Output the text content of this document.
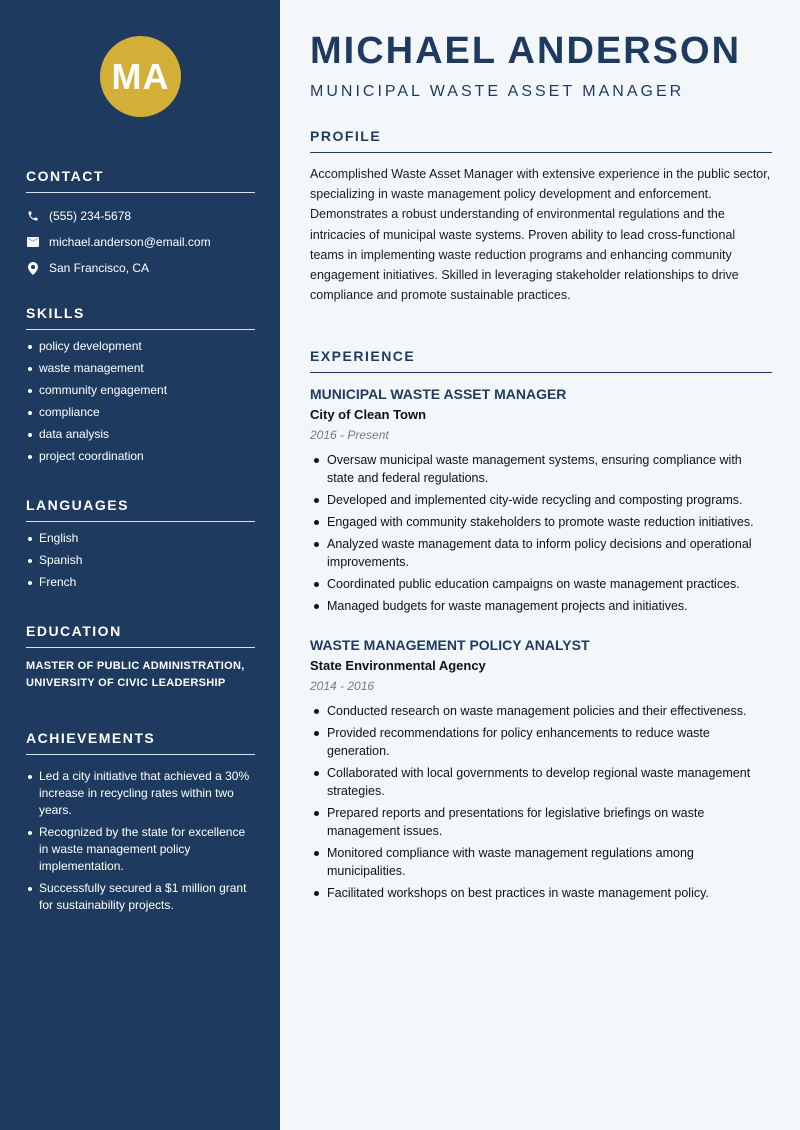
MA
CONTACT
(555) 234-5678
michael.anderson@email.com
San Francisco, CA
SKILLS
policy development
waste management
community engagement
compliance
data analysis
project coordination
LANGUAGES
English
Spanish
French
EDUCATION

MASTER OF PUBLIC ADMINISTRATION, UNIVERSITY OF CIVIC LEADERSHIP

ACHIEVEMENTS
Led a city initiative that achieved a 30% increase in recycling rates within two years.
Recognized by the state for excellence in waste management policy implementation.
Successfully secured a $1 million grant for sustainability projects.
MICHAEL ANDERSON
MUNICIPAL WASTE ASSET MANAGER
PROFILE

Accomplished Waste Asset Manager with extensive experience in the public sector, specializing in waste management policy development and enforcement. Demonstrates a robust understanding of environmental regulations and the intricacies of municipal waste systems. Proven ability to lead cross-functional teams in implementing waste reduction programs and enhancing community engagement initiatives. Skilled in leveraging stakeholder relationships to drive compliance and promote sustainable practices.

EXPERIENCE
MUNICIPAL WASTE ASSET MANAGER
City of Clean Town
2016 - Present
Oversaw municipal waste management systems, ensuring compliance with state and federal regulations.
Developed and implemented city-wide recycling and composting programs.
Engaged with community stakeholders to promote waste reduction initiatives.
Analyzed waste management data to inform policy decisions and operational improvements.
Coordinated public education campaigns on waste management practices.
Managed budgets for waste management projects and initiatives.
WASTE MANAGEMENT POLICY ANALYST
State Environmental Agency
2014 - 2016
Conducted research on waste management policies and their effectiveness.
Provided recommendations for policy enhancements to reduce waste generation.
Collaborated with local governments to develop regional waste management strategies.
Prepared reports and presentations for legislative briefings on waste management issues.
Monitored compliance with waste management regulations among municipalities.
Facilitated workshops on best practices in waste management policy.
